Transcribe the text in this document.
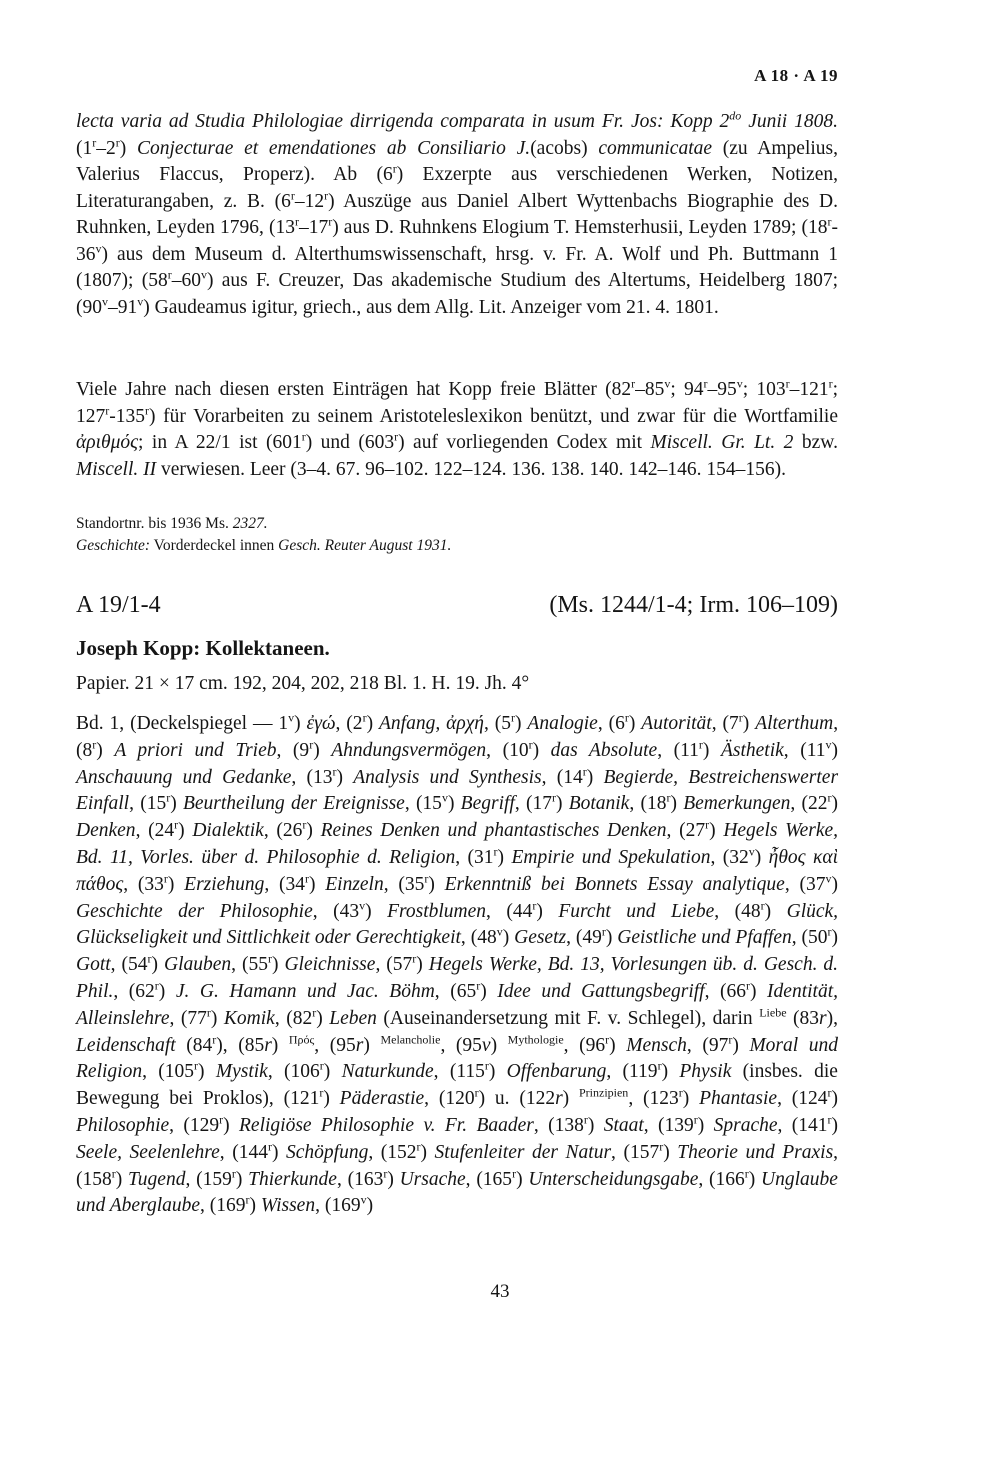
A 18 · A 19

lecta varia ad Studia Philologiae dirrigenda comparata in usum Fr. Jos: Kopp $2^{do}$ Junii 1808. (1$^r$–2$^r$) Conjecturae et emendationes ab Consiliario J.(acobs) communicatae (zu Ampelius, Valerius Flaccus, Properz). Ab (6$^r$) Exzerpte aus verschiedenen Werken, Notizen, Literaturangaben, z. B. (6$^r$–12$^r$) Auszüge aus Daniel Albert Wyttenbachs Biographie des D. Ruhnken, Leyden 1796, (13$^r$–17$^r$) aus D. Ruhnkens Elogium T. Hemsterhusii, Leyden 1789; (18$^r$-36$^v$) aus dem Museum d. Alterthumswissenschaft, hrsg. v. Fr. A. Wolf und Ph. Buttmann 1 (1807); (58$^r$–60$^v$) aus F. Creuzer, Das akademische Studium des Altertums, Heidelberg 1807; (90$^v$–91$^v$) Gaudeamus igitur, griech., aus dem Allg. Lit. Anzeiger vom 21. 4. 1801.

Viele Jahre nach diesen ersten Einträgen hat Kopp freie Blätter (82$^r$–85$^v$; 94$^r$–95$^v$; 103$^r$–121$^r$; 127$^r$-135$^r$) für Vorarbeiten zu seinem Aristoteleslexikon benützt, und zwar für die Wortfamilie ἀριθμός; in A 22/1 ist (601$^r$) und (603$^r$) auf vorliegenden Codex mit Miscell. Gr. Lt. 2 bzw. Miscell. II verwiesen. Leer (3–4. 67. 96–102. 122–124. 136. 138. 140. 142–146. 154–156).

Standortnr. bis 1936 Ms. 2327.
Geschichte: Vorderdeckel innen Gesch. Reuter August 1931.
A 19/1-4	(Ms. 1244/1-4; Irm. 106–109)
Joseph Kopp: Kollektaneen.
Papier. 21 × 17 cm. 192, 204, 202, 218 Bl. 1. H. 19. Jh. 4°

Bd. 1, (Deckelspiegel — 1$^v$) ἐγώ, (2$^r$) Anfang, ἀρχή, (5$^r$) Analogie, (6$^r$) Autorität, (7$^r$) Alterthum, (8$^r$) A priori und Trieb, (9$^r$) Ahndungsvermögen, (10$^r$) das Absolute, (11$^r$) Ästhetik, (11$^v$) Anschauung und Gedanke, (13$^r$) Analysis und Synthesis, (14$^r$) Begierde, Bestreichenswerter Einfall, (15$^r$) Beurtheilung der Ereignisse, (15$^v$) Begriff, (17$^r$) Botanik, (18$^r$) Bemerkungen, (22$^r$) Denken, (24$^r$) Dialektik, (26$^r$) Reines Denken und phantastisches Denken, (27$^r$) Hegels Werke, Bd. 11, Vorles. über d. Philosophie d. Religion, (31$^r$) Empirie und Spekulation, (32$^v$) ἦθος καὶ πάθος, (33$^r$) Erziehung, (34$^r$) Einzeln, (35$^r$) Erkenntniß bei Bonnets Essay analytique, (37$^v$) Geschichte der Philosophie, (43$^v$) Frostblumen, (44$^r$) Furcht und Liebe, (48$^r$) Glück, Glückseligkeit und Sittlichkeit oder Gerechtigkeit, (48$^v$) Gesetz, (49$^r$) Geistliche und Pfaffen, (50$^r$) Gott, (54$^r$) Glauben, (55$^r$) Gleichnisse, (57$^r$) Hegels Werke, Bd. 13, Vorlesungen üb. d. Gesch. d. Phil., (62$^r$) J. G. Hamann und Jac. Böhm, (65$^r$) Idee und Gattungsbegriff, (66$^r$) Identität, Alleinslehre, (77$^r$) Komik, (82$^r$) Leben (Auseinandersetzung mit F. v. Schlegel), darin $^{Liebe}$ (83r), Leidenschaft (84$^r$), (85r) $^{\Pi\rho ό\varsigma}$, (95r) $^{Melancholie}$, (95v) $^{Mythologie}$, (96$^r$) Mensch, (97$^r$) Moral und Religion, (105$^r$) Mystik, (106$^r$) Naturkunde, (115$^r$) Offenbarung, (119$^r$) Physik (insbes. die Bewegung bei Proklos), (121$^r$) Päderastie, (120$^r$) u. (122r) $^{Prinzipien}$, (123$^r$) Phantasie, (124$^r$) Philosophie, (129$^r$) Religiöse Philosophie v. Fr. Baader, (138$^r$) Staat, (139$^r$) Sprache, (141$^r$) Seele, Seelenlehre, (144$^r$) Schöpfung, (152$^r$) Stufenleiter der Natur, (157$^r$) Theorie und Praxis, (158$^r$) Tugend, (159$^r$) Thierkunde, (163$^r$) Ursache, (165$^r$) Unterscheidungsgabe, (166$^r$) Unglaube und Aberglaube, (169$^r$) Wissen, (169$^v$)

43
